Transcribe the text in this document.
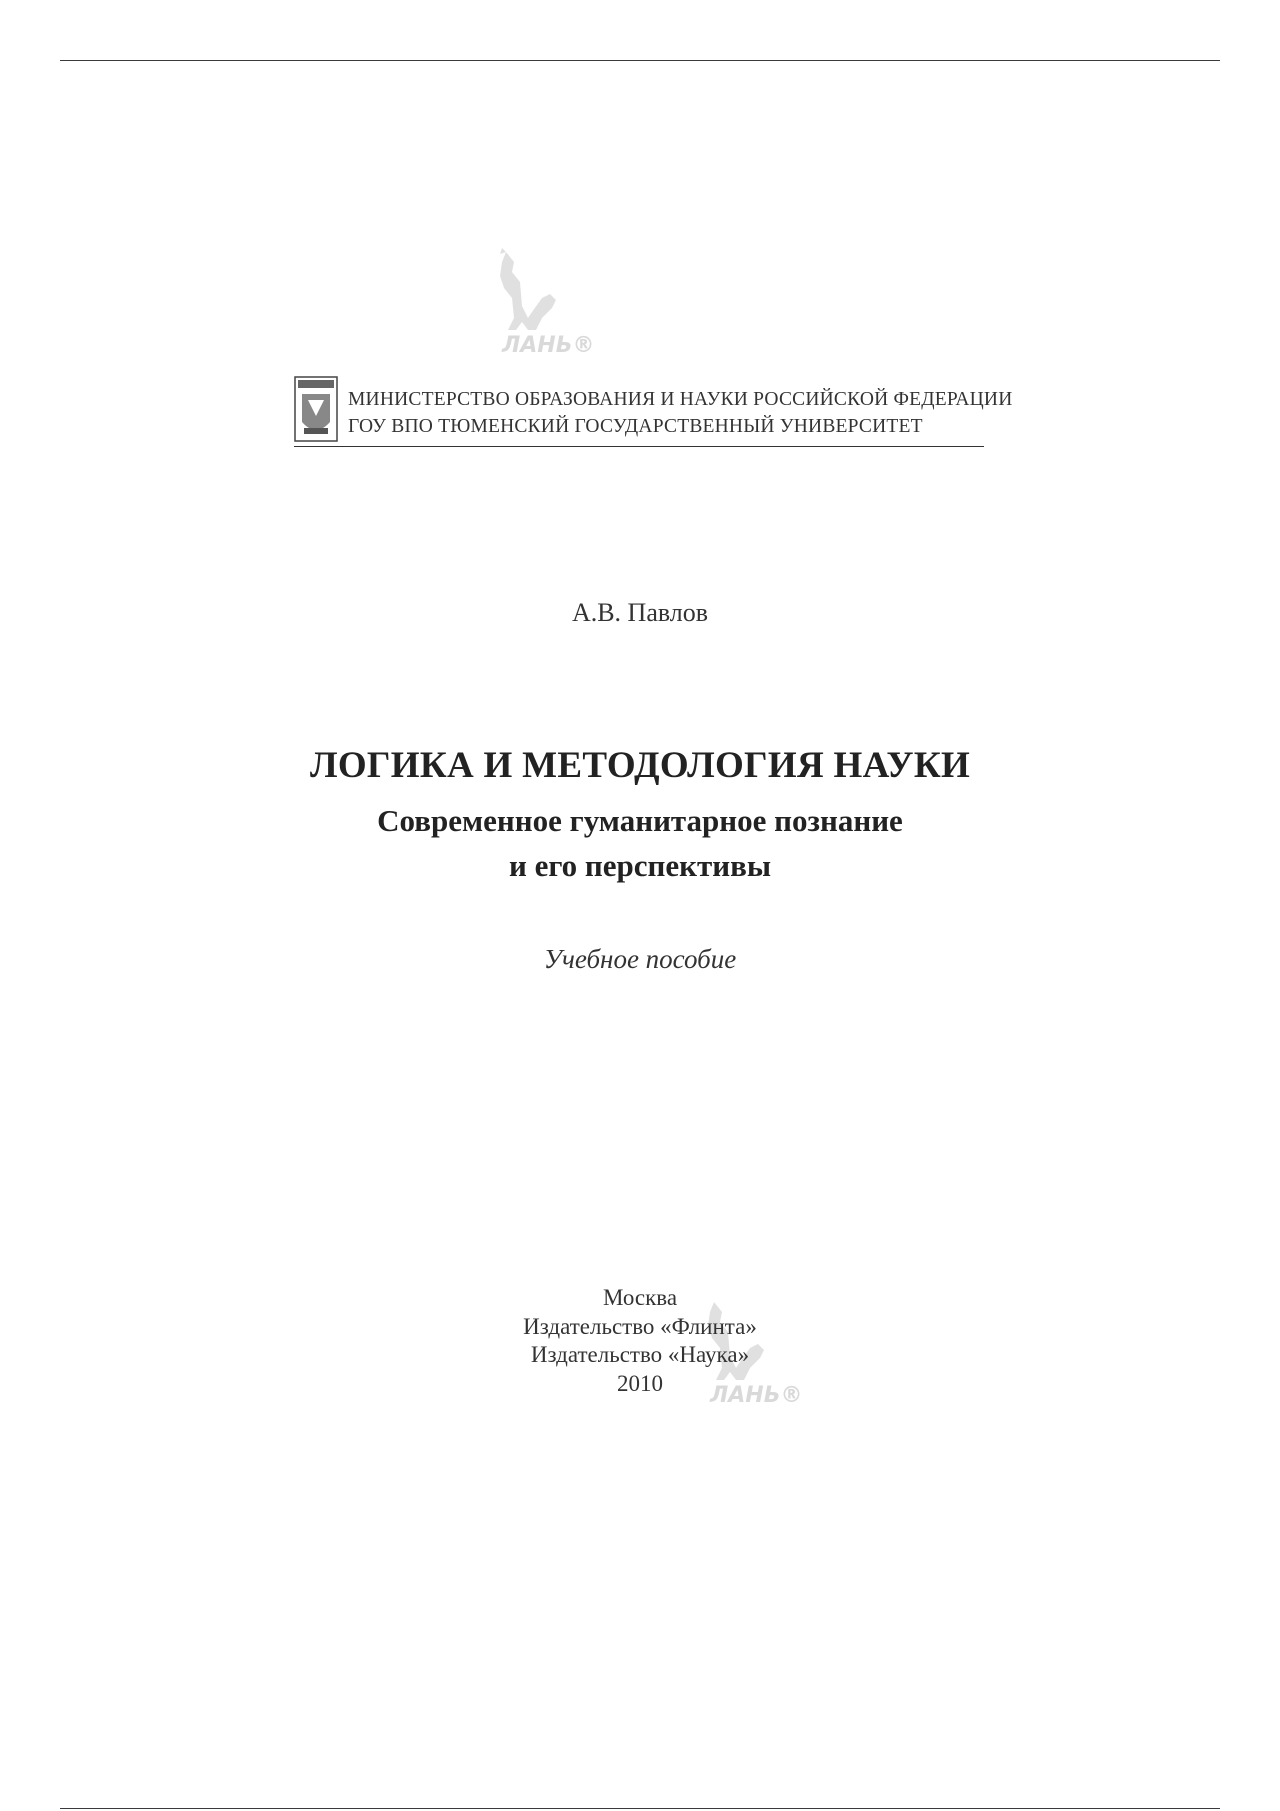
ЛАНЬ®
МИНИСТЕРСТВО ОБРАЗОВАНИЯ И НАУКИ РОССИЙСКОЙ ФЕДЕРАЦИИ
ГОУ ВПО ТЮМЕНСКИЙ ГОСУДАРСТВЕННЫЙ УНИВЕРСИТЕТ
А.В. Павлов
ЛОГИКА И МЕТОДОЛОГИЯ НАУКИ
Современное гуманитарное познание
и его перспективы
Учебное пособие
ЛАНЬ®
Москва
Издательство «Флинта»
Издательство «Наука»
2010
